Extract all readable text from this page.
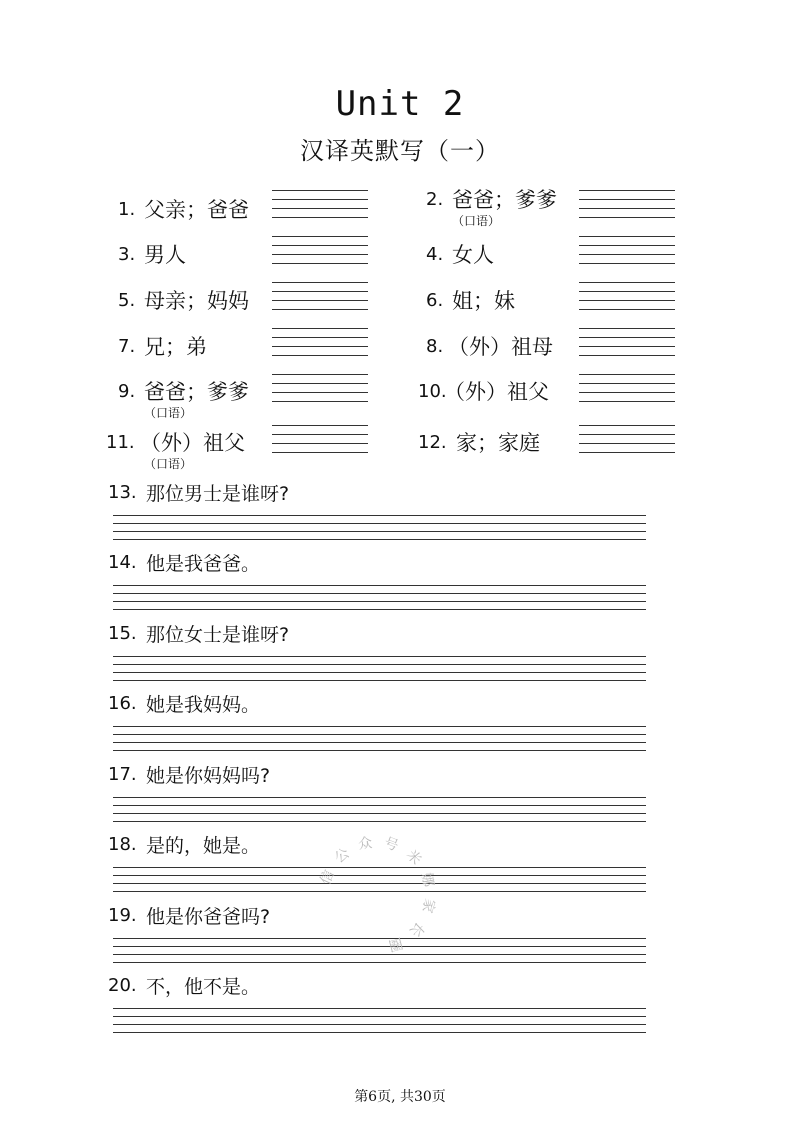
Unit 2
汉译英默写（一）
1. 父亲；爸爸
3. 男人
5. 母亲；妈妈
7. 兄；弟
9. 爸爸；爹爹
（口语）
11. （外）祖父
（口语）
2. 爸爸；爹爹
（口语）
4. 女人
6. 姐；妹
8. （外）祖母
10.
（外）祖父
12. 家；家庭
13. 那位男士是谁呀?
14. 他是我爸爸。
15. 那位女士是谁呀?
16. 她是我妈妈。
17. 她是你妈妈吗?
18. 是的，她是。
19. 他是你爸爸吗?
20. 不，他不是。
信公众号米娜家长圈
第6页, 共30页
